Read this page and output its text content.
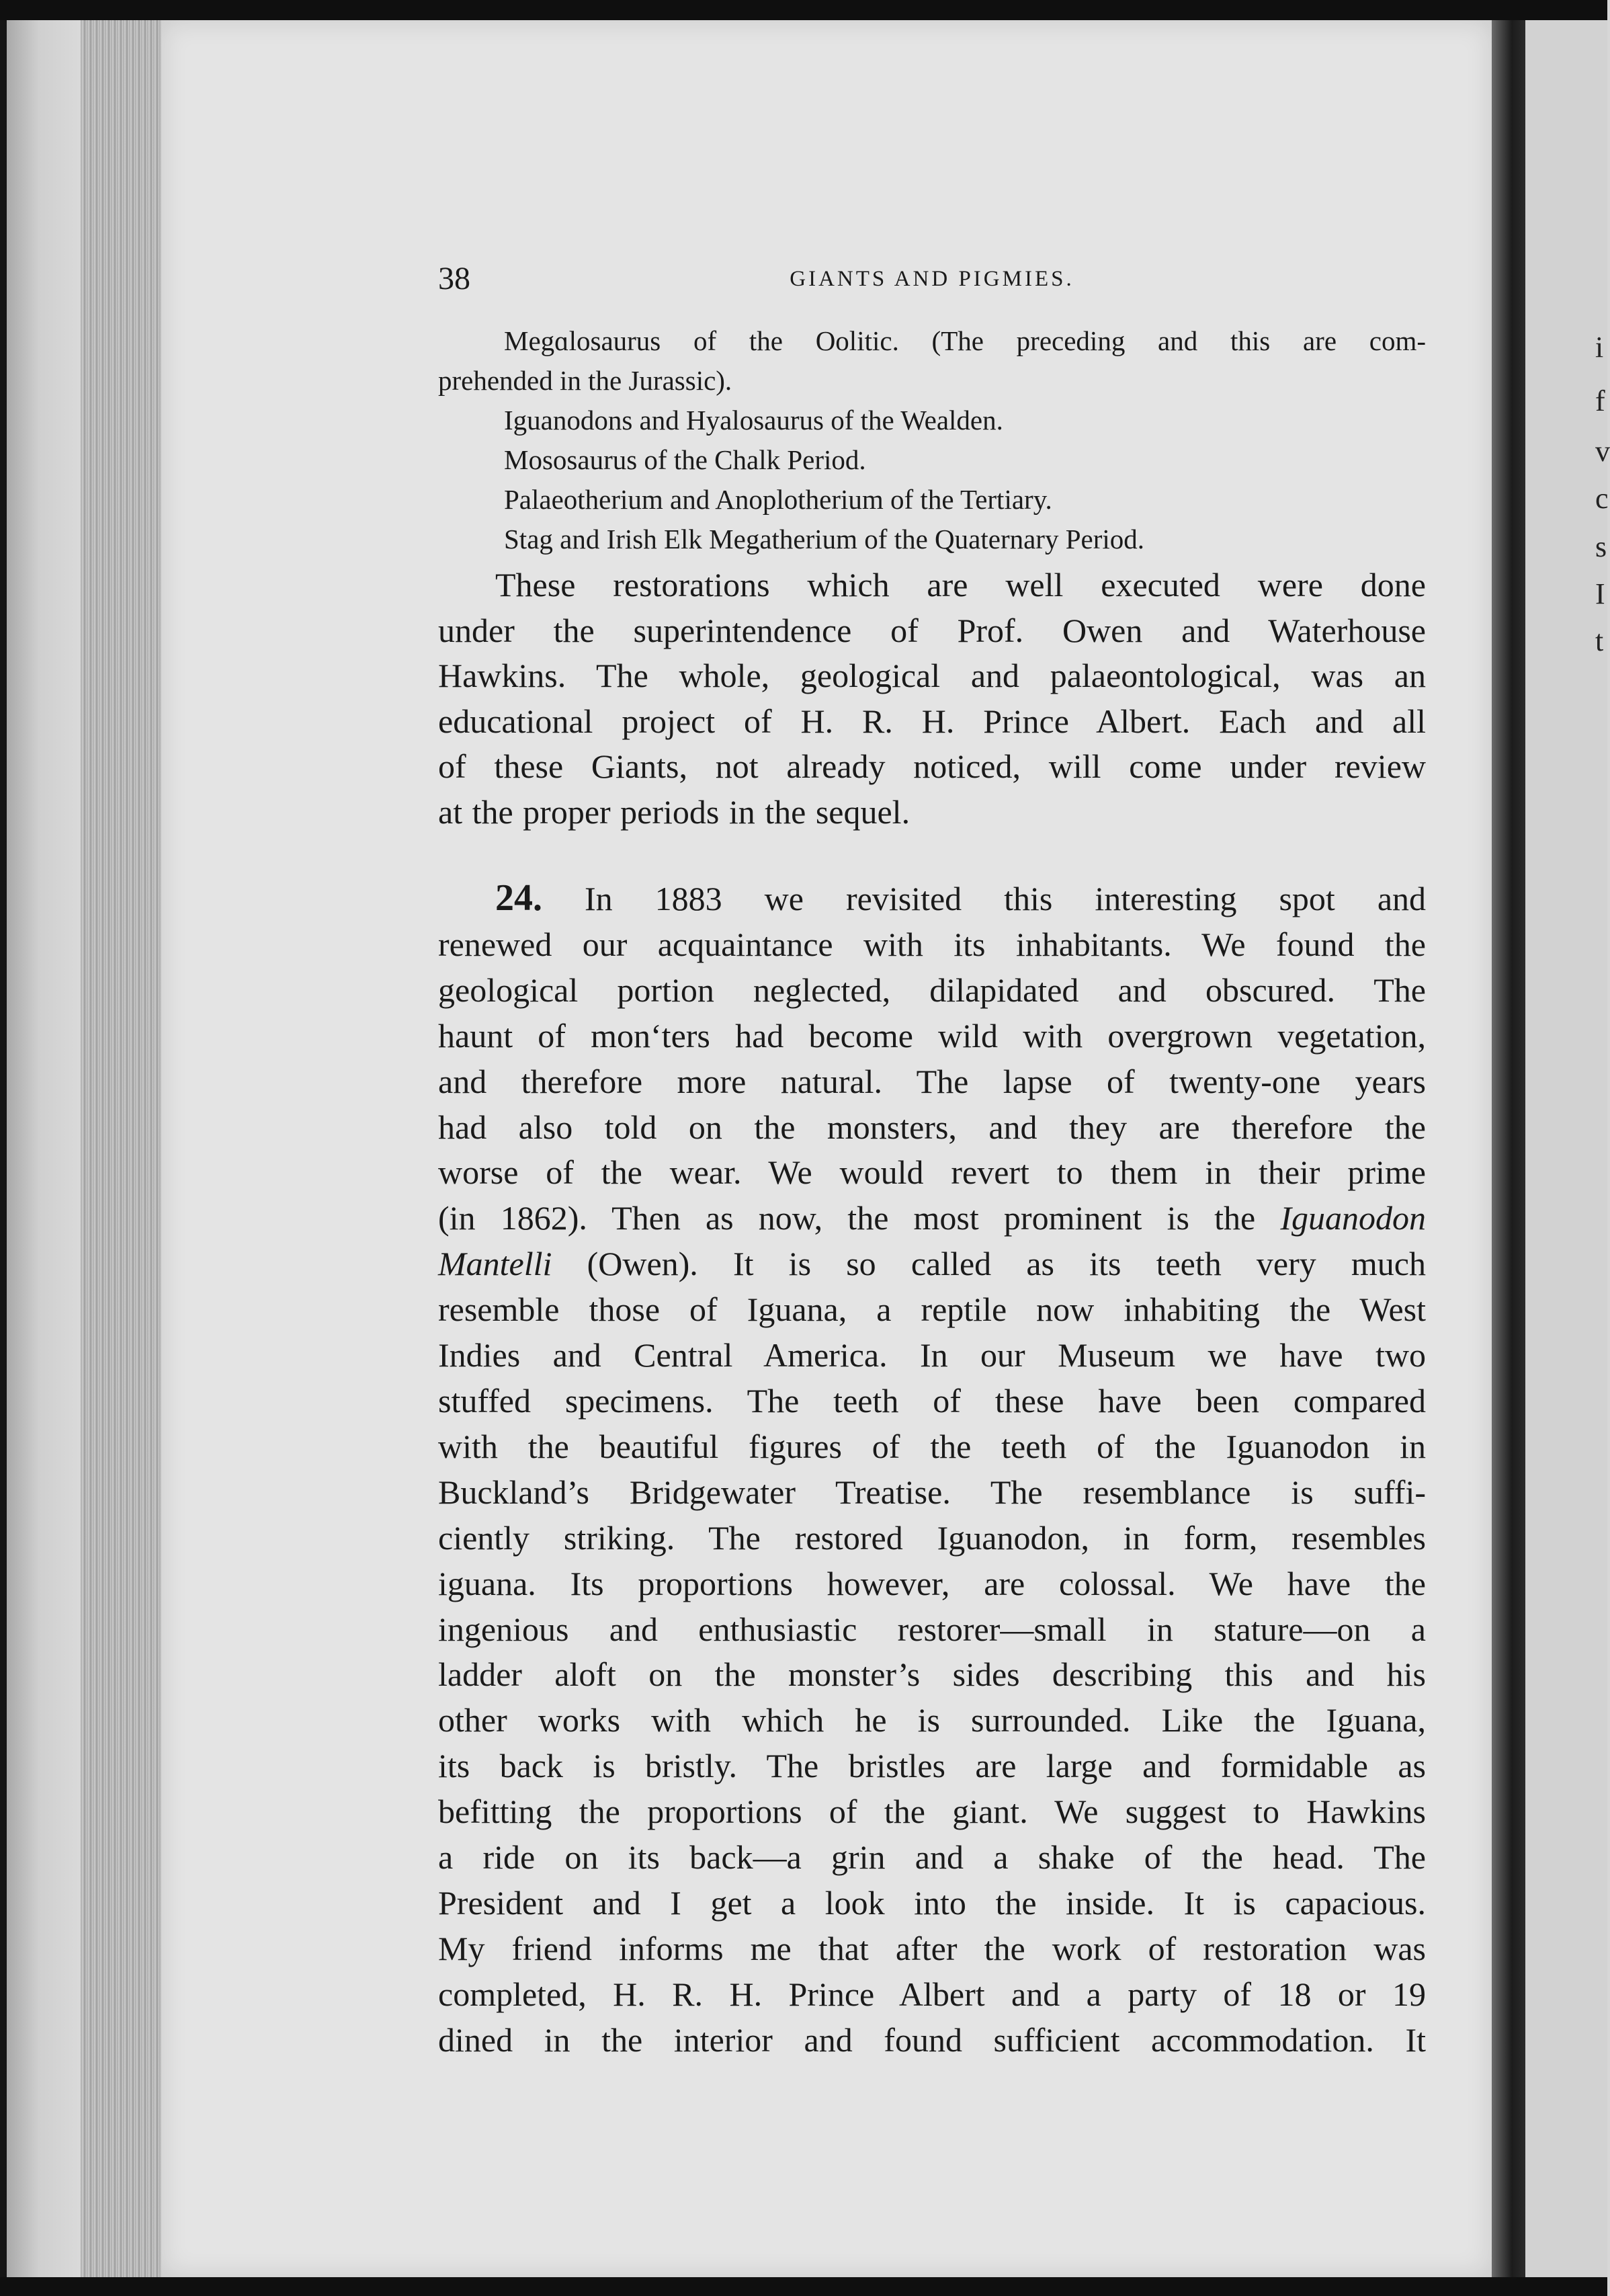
i
f
v
c
s
I
t
38	GIANTS AND PIGMIES.
Megɑlosaurus of the Oolitic. (The preceding and this are com-
prehended in the Jurassic).
Iguanodons and Hyalosaurus of the Wealden.
Mososaurus of the Chalk Period.
Palaeotherium and Anoplotherium of the Tertiary.
Stag and Irish Elk Megatherium of the Quaternary Period.
These restorations which are well executed were done
under the superintendence of Prof. Owen and Waterhouse
Hawkins. The whole, geological and palaeontological, was an
educational project of H. R. H. Prince Albert. Each and all
of these Giants, not already noticed, will come under review
at the proper periods in the sequel.
24. In 1883 we revisited this interesting spot and
renewed our acquaintance with its inhabitants. We found the
geological portion neglected, dilapidated and obscured. The
haunt of monʻters had become wild with overgrown vegetation,
and therefore more natural. The lapse of twenty-one years
had also told on the monsters, and they are therefore the
worse of the wear. We would revert to them in their prime
(in 1862). Then as now, the most prominent is the Iguanodon
Mantelli (Owen). It is so called as its teeth very much
resemble those of Iguana, a reptile now inhabiting the West
Indies and Central America. In our Museum we have two
stuffed specimens. The teeth of these have been compared
with the beautiful figures of the teeth of the Iguanodon in
Buckland’s Bridgewater Treatise. The resemblance is suffi-
ciently striking. The restored Iguanodon, in form, resembles
iguana. Its proportions however, are colossal. We have the
ingenious and enthusiastic restorer—small in stature—on a
ladder aloft on the monster’s sides describing this and his
other works with which he is surrounded. Like the Iguana,
its back is bristly. The bristles are large and formidable as
befitting the proportions of the giant. We suggest to Hawkins
a ride on its back—a grin and a shake of the head. The
President and I get a look into the inside. It is capacious.
My friend informs me that after the work of restoration was
completed, H. R. H. Prince Albert and a party of 18 or 19
dined in the interior and found sufficient accommodation. It
